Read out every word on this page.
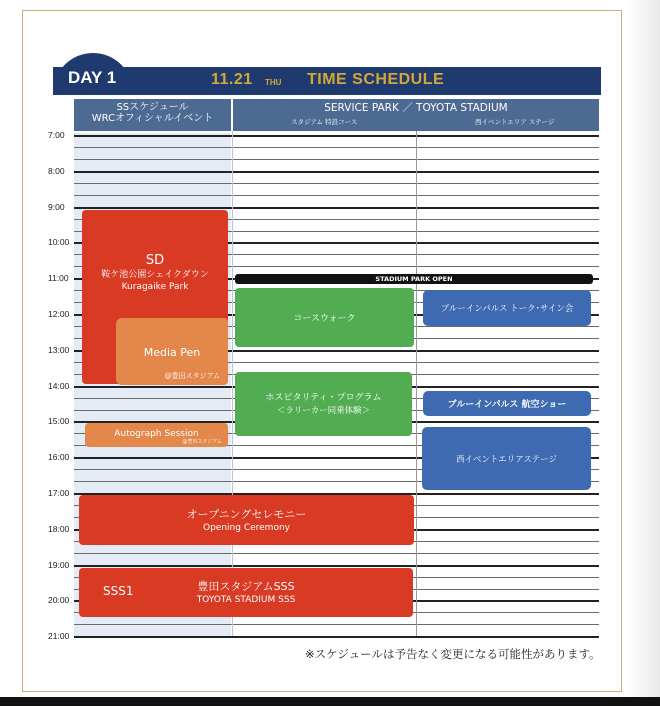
DAY 1	11.21 THU TIME SCHEDULE
SSスケジュール
WRCオフィシャルイベント
SERVICE PARK ／ TOYOTA STADIUM
スタジアム 特設コース	西イベントエリア ステージ
7:00
8:00
9:00
10:00
11:00
12:00
13:00
14:00
15:00
16:00
17:00
18:00
19:00
20:00
21:00
SD
鞍ケ池公園シェイクダウン
Kuragaike Park
Media Pen
@豊田スタジアム
Autograph Session
@豊田スタジアム
オープニングセレモニー
Opening Ceremony
SSS1	豊田スタジアムSSS
TOYOTA STADIUM SSS
STADIUM PARK OPEN
コースウォーク
ホスピタリティ・プログラム
＜ラリーカー同乗体験＞
ブルーインパルス トーク･サイン会
ブルーインパルス 航空ショー
西イベントエリアステージ
※スケジュールは予告なく変更になる可能性があります。
